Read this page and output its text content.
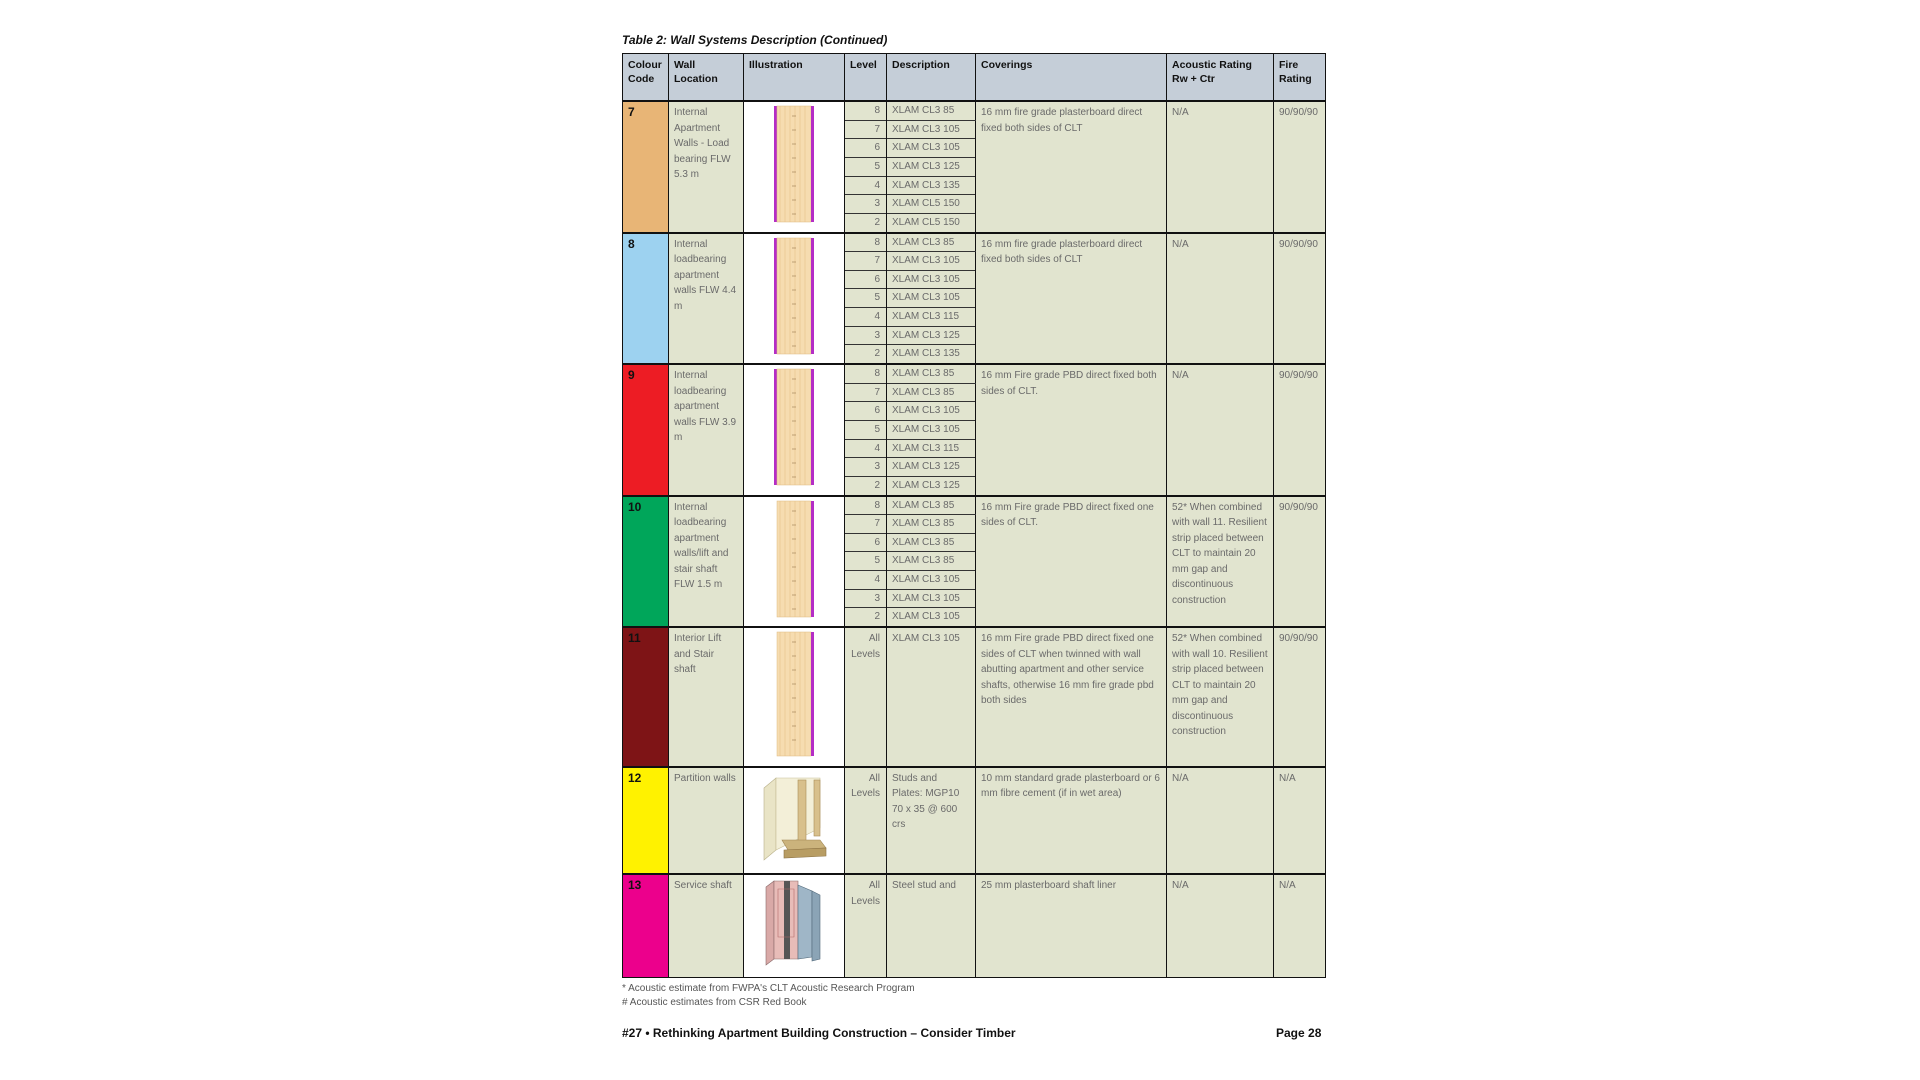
Table 2: Wall Systems Description (Continued)
Colour Code	Wall Location	Illustration	Level	Description	Coverings	Acoustic Rating Rw + Ctr	Fire Rating
7	Internal Apartment Walls - Load bearing FLW 5.3 m		8	XLAM CL3 85	16 mm fire grade plasterboard direct fixed both sides of CLT	N/A	90/90/90
			7	XLAM CL3 105			
			6	XLAM CL3 105			
			5	XLAM CL3 125			
			4	XLAM CL3 135			
			3	XLAM CL5 150			
			2	XLAM CL5 150			
8	Internal loadbearing apartment walls FLW 4.4 m		8	XLAM CL3 85	16 mm fire grade plasterboard direct fixed both sides of CLT	N/A	90/90/90
			7	XLAM CL3 105			
			6	XLAM CL3 105			
			5	XLAM CL3 105			
			4	XLAM CL3 115			
			3	XLAM CL3 125			
			2	XLAM CL3 135			
9	Internal loadbearing apartment walls FLW 3.9 m		8	XLAM CL3 85	16 mm Fire grade PBD direct fixed both sides of CLT.	N/A	90/90/90
			7	XLAM CL3 85			
			6	XLAM CL3 105			
			5	XLAM CL3 105			
			4	XLAM CL3 115			
			3	XLAM CL3 125			
			2	XLAM CL3 125			
10	Internal loadbearing apartment walls/lift and stair shaft FLW 1.5 m		8	XLAM CL3 85	16 mm Fire grade PBD direct fixed one sides of CLT.	52* When combined with wall 11. Resilient strip placed between CLT to maintain 20 mm gap and discontinuous construction	90/90/90
			7	XLAM CL3 85			
			6	XLAM CL3 85			
			5	XLAM CL3 85			
			4	XLAM CL3 105			
			3	XLAM CL3 105			
			2	XLAM CL3 105			
11	Interior Lift and Stair shaft		All Levels	XLAM CL3 105	16 mm Fire grade PBD direct fixed one sides of CLT when twinned with wall abutting apartment and other service shafts, otherwise 16 mm fire grade pbd both sides	52* When combined with wall 10. Resilient strip placed between CLT to maintain 20 mm gap and discontinuous construction	90/90/90
12	Partition walls		All Levels	Studs and Plates: MGP10 70 x 35 @ 600 crs	10 mm standard grade plasterboard or 6 mm fibre cement (if in wet area)	N/A	N/A
13	Service shaft		All Levels	Steel stud and	25 mm plasterboard shaft liner	N/A	N/A
* Acoustic estimate from FWPA's CLT Acoustic Research Program
# Acoustic estimates from CSR Red Book
#27 • Rethinking Apartment Building Construction – Consider Timber	Page 28
